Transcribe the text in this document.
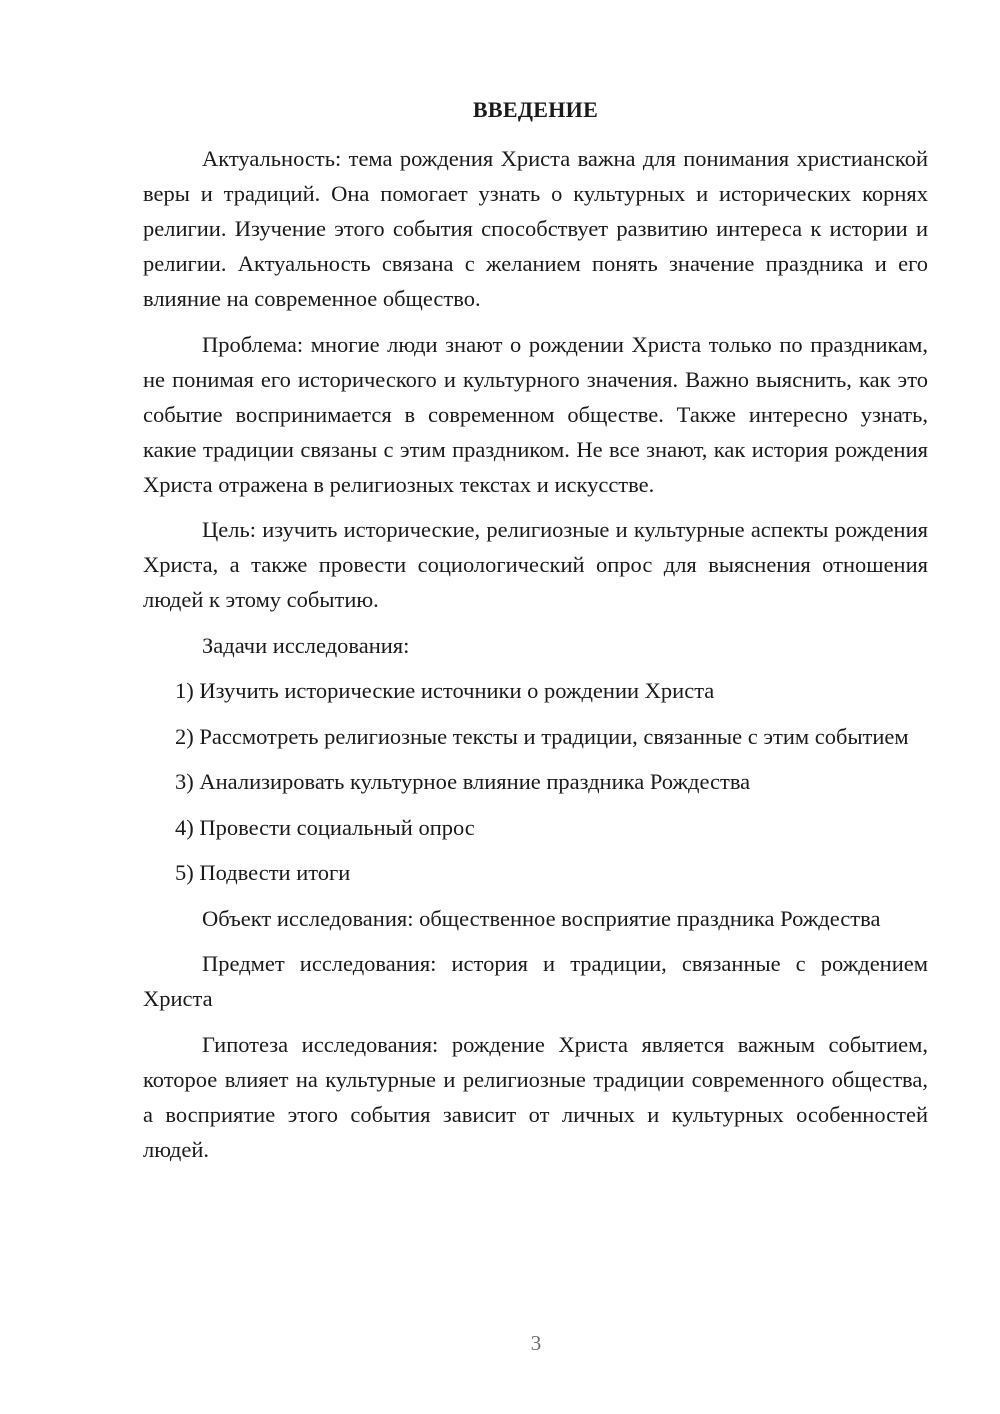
ВВЕДЕНИЕ

Актуальность: тема рождения Христа важна для понимания христианской веры и традиций. Она помогает узнать о культурных и исторических корнях религии. Изучение этого события способствует развитию интереса к истории и религии. Актуальность связана с желанием понять значение праздника и его влияние на современное общество.

Проблема: многие люди знают о рождении Христа только по праздникам, не понимая его исторического и культурного значения. Важно выяснить, как это событие воспринимается в современном обществе. Также интересно узнать, какие традиции связаны с этим праздником. Не все знают, как история рождения Христа отражена в религиозных текстах и искусстве.

Цель: изучить исторические, религиозные и культурные аспекты рождения Христа, а также провести социологический опрос для выяснения отношения людей к этому событию.

Задачи исследования:

1) Изучить исторические источники о рождении Христа

2) Рассмотреть религиозные тексты и традиции, связанные с этим событием

3) Анализировать культурное влияние праздника Рождества

4) Провести социальный опрос

5) Подвести итоги

Объект исследования: общественное восприятие праздника Рождества

Предмет исследования: история и традиции, связанные с рождением Христа

Гипотеза исследования: рождение Христа является важным событием, которое влияет на культурные и религиозные традиции современного общества, а восприятие этого события зависит от личных и культурных особенностей людей.

3
